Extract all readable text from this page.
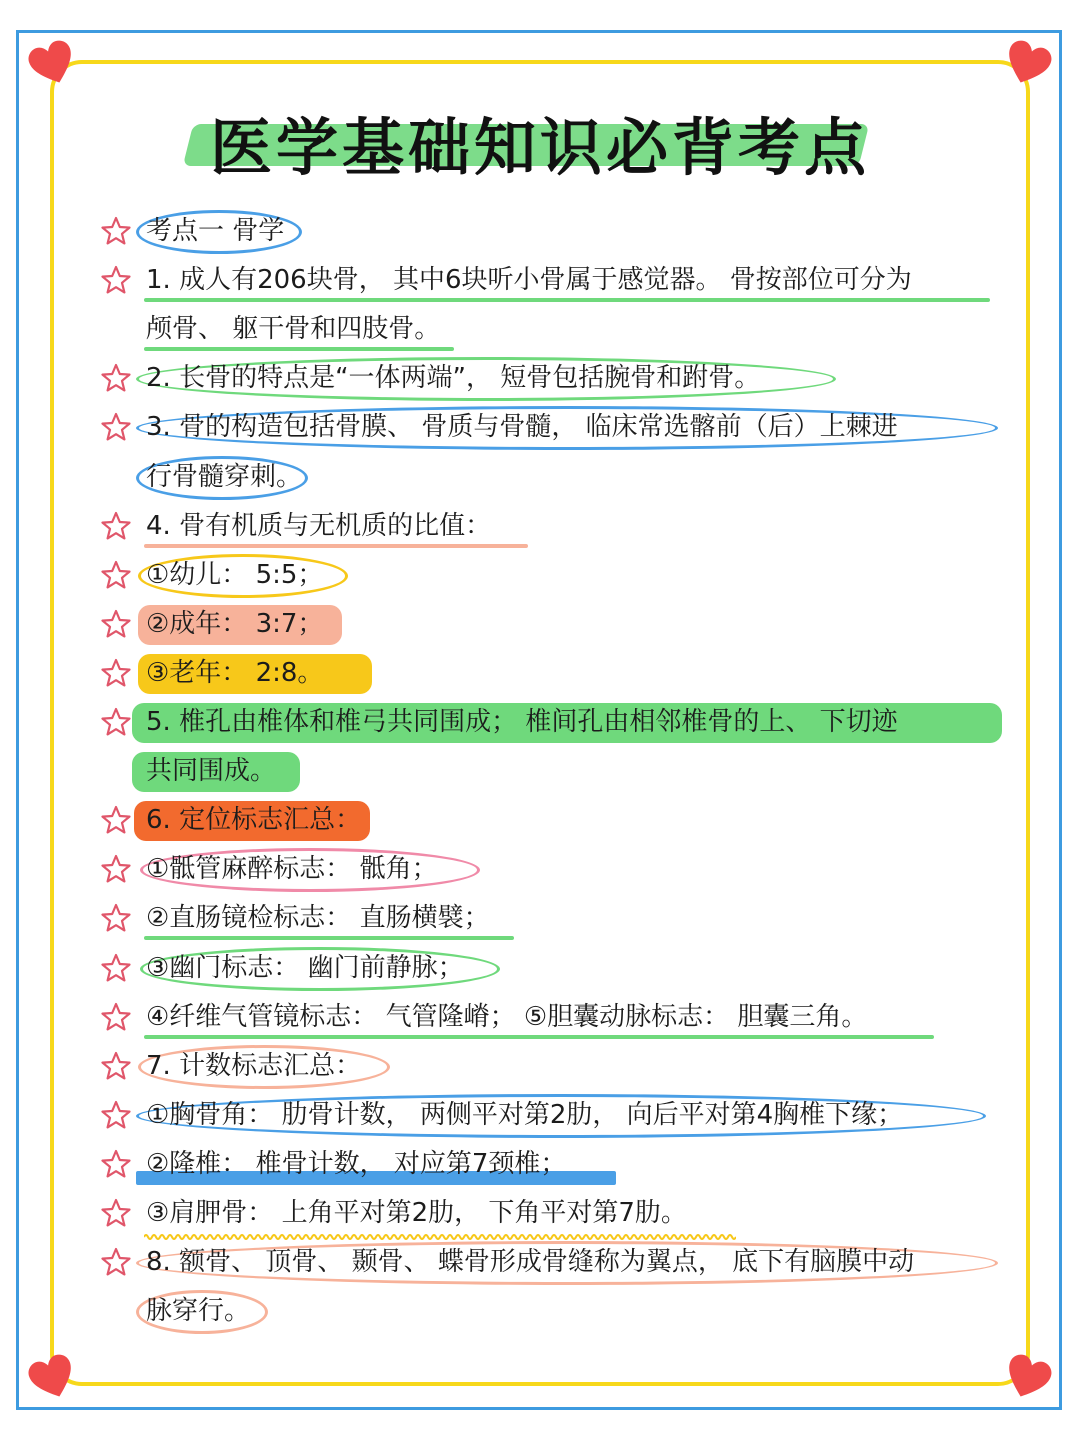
医学基础知识必背考点
考点一 骨学
1. 成人有206块骨， 其中6块听小骨属于感觉器。 骨按部位可分为
颅骨、 躯干骨和四肢骨。
2. 长骨的特点是“一体两端”， 短骨包括腕骨和跗骨。
3. 骨的构造包括骨膜、 骨质与骨髓， 临床常选髂前（后）上棘进
行骨髓穿刺。
4. 骨有机质与无机质的比值：
①幼儿： 5:5；
②成年： 3:7；
③老年： 2:8。
5. 椎孔由椎体和椎弓共同围成； 椎间孔由相邻椎骨的上、 下切迹
共同围成。
6. 定位标志汇总：
①骶管麻醉标志： 骶角；
②直肠镜检标志： 直肠横襞；
③幽门标志： 幽门前静脉；
④纤维气管镜标志： 气管隆嵴； ⑤胆囊动脉标志： 胆囊三角。
7. 计数标志汇总：
①胸骨角： 肋骨计数， 两侧平对第2肋， 向后平对第4胸椎下缘；
②隆椎： 椎骨计数， 对应第7颈椎；
③肩胛骨： 上角平对第2肋， 下角平对第7肋。
8. 额骨、 顶骨、 颞骨、 蝶骨形成骨缝称为翼点， 底下有脑膜中动
脉穿行。
